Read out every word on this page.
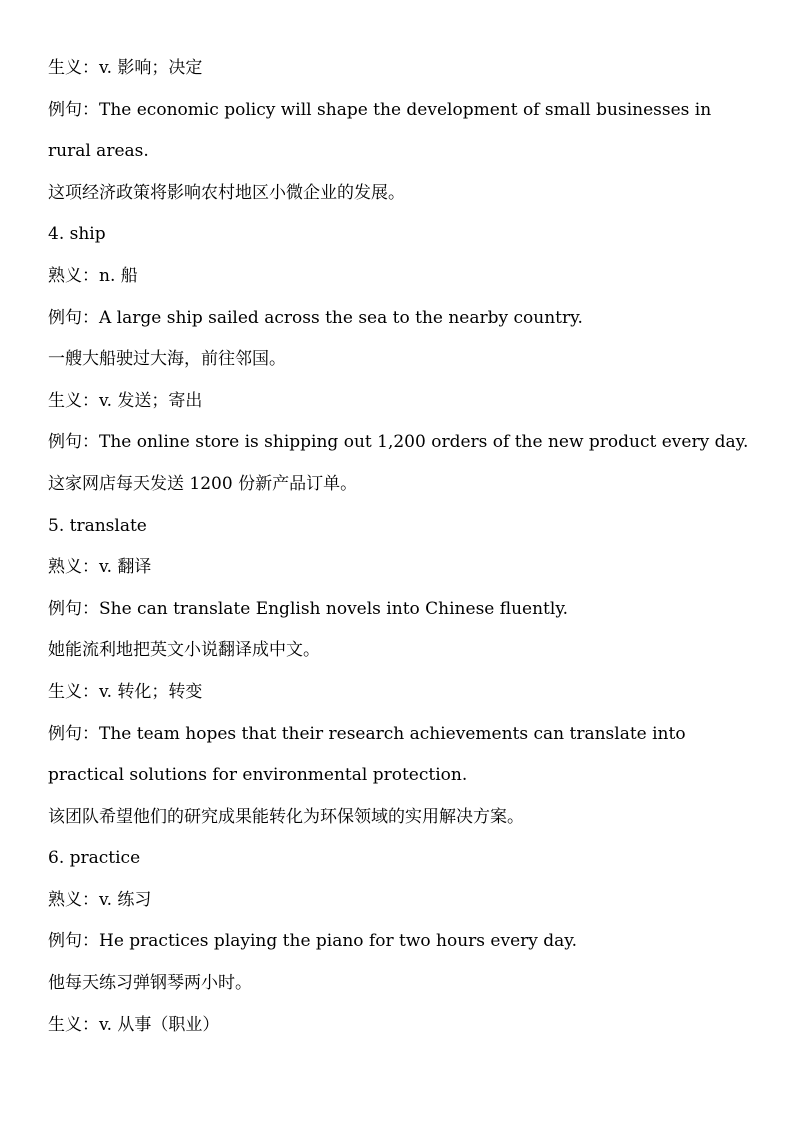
生义：v. 影响；决定
例句：The economic policy will shape the development of small businesses in rural areas.
这项经济政策将影响农村地区小微企业的发展。
4. ship
熟义：n. 船
例句：A large ship sailed across the sea to the nearby country.
一艘大船驶过大海，前往邻国。
生义：v. 发送；寄出
例句：The online store is shipping out 1,200 orders of the new product every day.
这家网店每天发送 1200 份新产品订单。
5. translate
熟义：v. 翻译
例句：She can translate English novels into Chinese fluently.
她能流利地把英文小说翻译成中文。
生义：v. 转化；转变
例句：The team hopes that their research achievements can translate into practical solutions for environmental protection.
该团队希望他们的研究成果能转化为环保领域的实用解决方案。
6. practice
熟义：v. 练习
例句：He practices playing the piano for two hours every day.
他每天练习弹钢琴两小时。
生义：v. 从事（职业）
